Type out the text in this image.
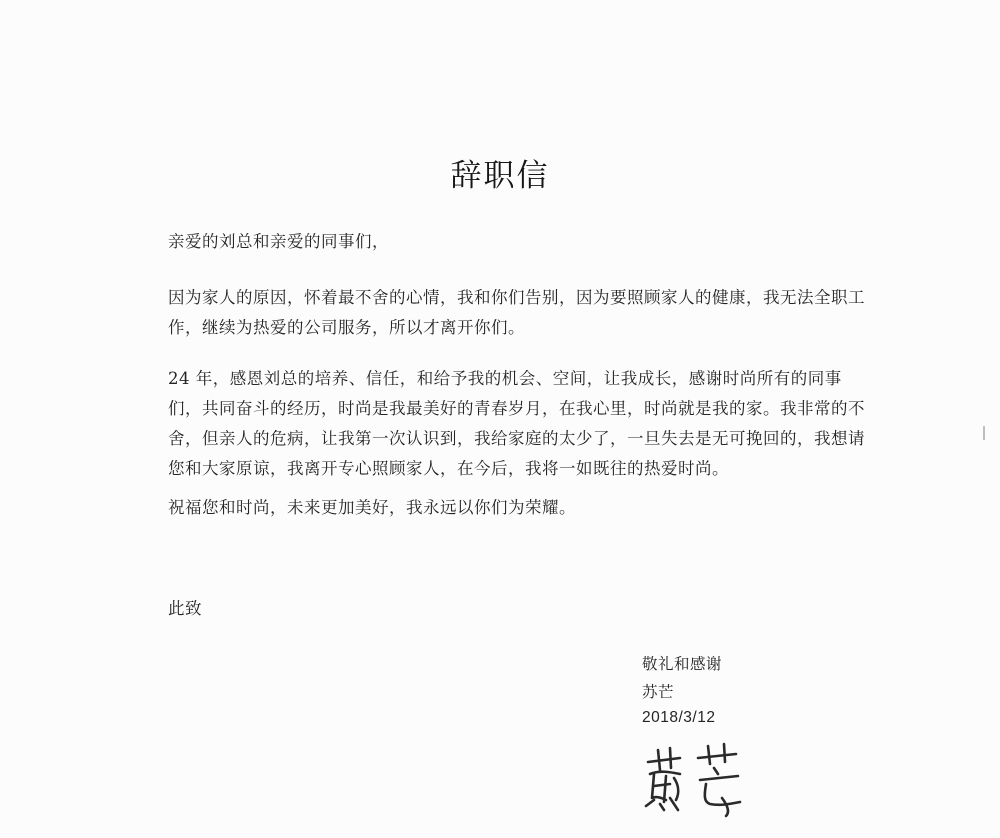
辞职信
亲爱的刘总和亲爱的同事们，
因为家人的原因，怀着最不舍的心情，我和你们告别，因为要照顾家人的健康，我无法全职工作，继续为热爱的公司服务，所以才离开你们。
24 年，感恩刘总的培养、信任，和给予我的机会、空间，让我成长，感谢时尚所有的同事们，共同奋斗的经历，时尚是我最美好的青春岁月，在我心里，时尚就是我的家。我非常的不舍，但亲人的危病，让我第一次认识到，我给家庭的太少了，一旦失去是无可挽回的，我想请您和大家原谅，我离开专心照顾家人，在今后，我将一如既往的热爱时尚。
祝福您和时尚，未来更加美好，我永远以你们为荣耀。
此致
敬礼和感谢
苏芒
2018/3/12
